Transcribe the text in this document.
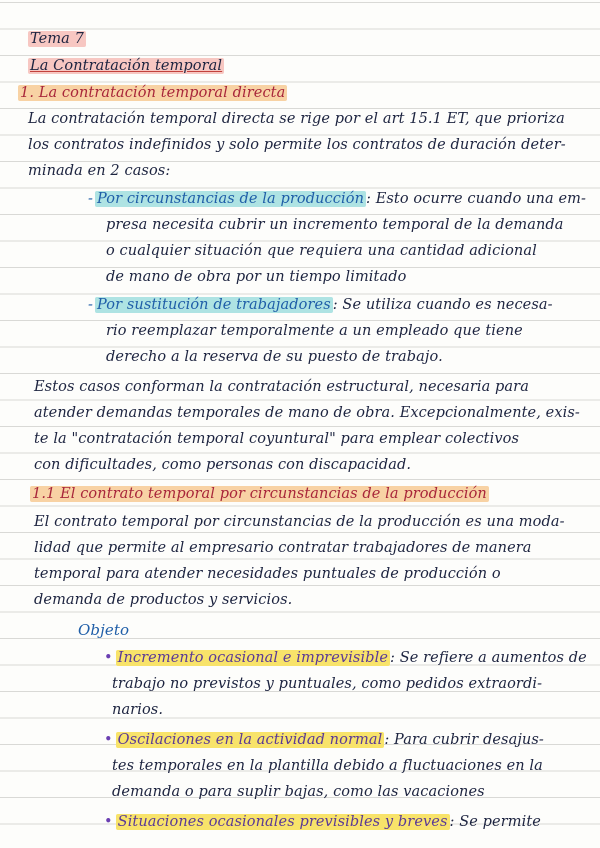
Tema 7
La Contratación temporal
1. La contratación temporal directa
La contratación temporal directa se rige por el art 15.1 ET, que prioriza
los contratos indefinidos y solo permite los contratos de duración deter-
minada en 2 casos:
- Por circunstancias de la producción : Esto ocurre cuando una em-
presa necesita cubrir un incremento temporal de la demanda
o cualquier situación que requiera una cantidad adicional
de mano de obra por un tiempo limitado
- Por sustitución de trabajadores : Se utiliza cuando es necesa-
rio reemplazar temporalmente a un empleado que tiene
derecho a la reserva de su puesto de trabajo.
Estos casos conforman la contratación estructural, necesaria para
atender demandas temporales de mano de obra. Excepcionalmente, exis-
te la "contratación temporal coyuntural" para emplear colectivos
con dificultades, como personas con discapacidad.
1.1 El contrato temporal por circunstancias de la producción
El contrato temporal por circunstancias de la producción es una moda-
lidad que permite al empresario contratar trabajadores de manera
temporal para atender necesidades puntuales de producción o
demanda de productos y servicios.
Objeto
• Incremento ocasional e imprevisible : Se refiere a aumentos de
trabajo no previstos y puntuales, como pedidos extraordi-
narios.
• Oscilaciones en la actividad normal : Para cubrir desajus-
tes temporales en la plantilla debido a fluctuaciones en la
demanda o para suplir bajas, como las vacaciones
• Situaciones ocasionales previsibles y breves : Se permite
